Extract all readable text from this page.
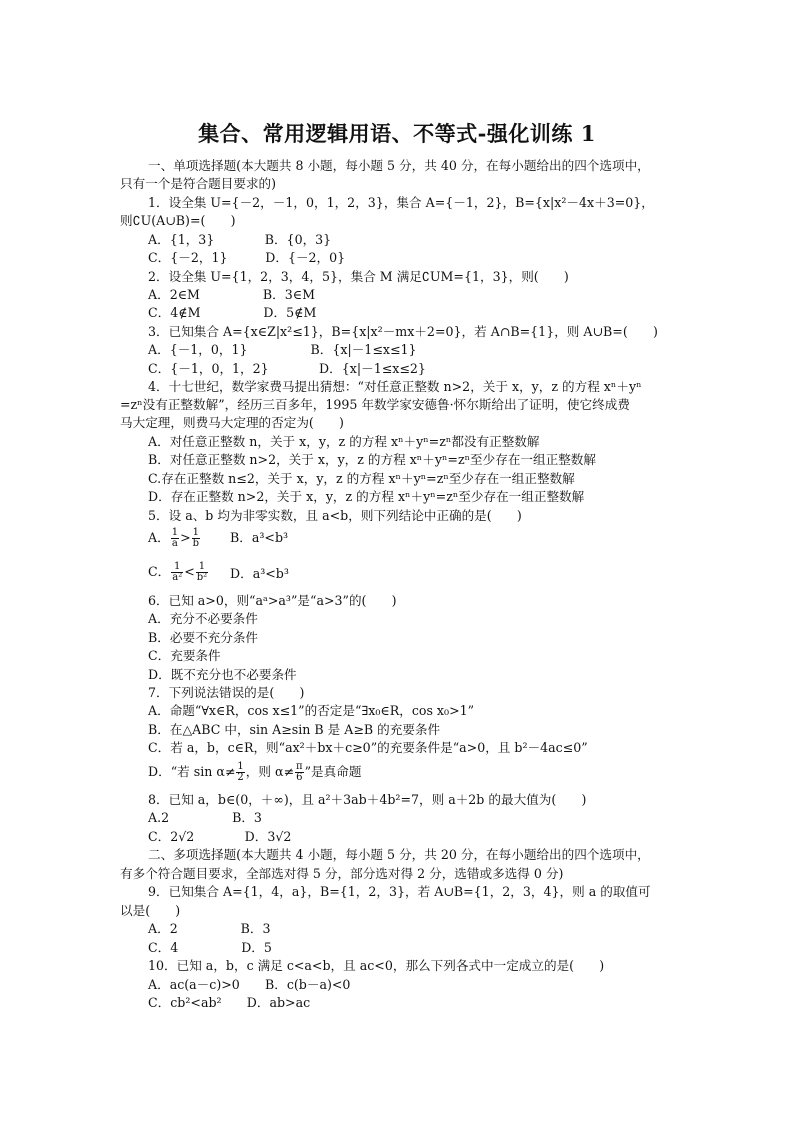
集合、常用逻辑用语、不等式-强化训练 1
一、单项选择题(本大题共 8 小题，每小题 5 分，共 40 分，在每小题给出的四个选项中，
只有一个是符合题目要求的)
1．设全集 U={－2，－1，0，1，2，3}，集合 A={－1，2}，B={x|x²－4x＋3=0}，
则∁U(A∪B)=(　　)
A．{1，3}　　　　B．{0，3}
C．{－2，1}　　　D．{－2，0}
2．设全集 U={1，2，3，4，5}，集合 M 满足∁UM={1，3}，则(　　)
A．2∈M　　　　　B．3∈M
C．4∉M　　　　　D．5∉M
3．已知集合 A={x∈Z|x²≤1}，B={x|x²－mx＋2=0}，若 A∩B={1}，则 A∪B=(　　)
A．{－1，0，1}　　　　　B．{x|－1≤x≤1}
C．{－1，0，1，2}　　　　D．{x|－1≤x≤2}
4．十七世纪，数学家费马提出猜想：“对任意正整数 n>2，关于 x，y，z 的方程 xⁿ＋yⁿ
=zⁿ没有正整数解”，经历三百多年，1995 年数学家安德鲁·怀尔斯给出了证明，使它终成费
马大定理，则费马大定理的否定为(　　)
A．对任意正整数 n，关于 x，y，z 的方程 xⁿ＋yⁿ=zⁿ都没有正整数解
B．对任意正整数 n>2，关于 x，y，z 的方程 xⁿ＋yⁿ=zⁿ至少存在一组正整数解
C.存在正整数 n≤2，关于 x，y，z 的方程 xⁿ＋yⁿ=zⁿ至少存在一组正整数解
D．存在正整数 n>2，关于 x，y，z 的方程 xⁿ＋yⁿ=zⁿ至少存在一组正整数解
5．设 a、b 均为非零实数，且 a<b，则下列结论中正确的是(　　)
A． $\frac{1}{a} > \frac{1}{b}$ B．a³<b³
C． $\frac{1}{\text{a²}} < \frac{1}{\text{b²}}$ D．a³<b³
6．已知 a>0，则“aᵃ>a³”是“a>3”的(　　)
A．充分不必要条件
B．必要不充分条件
C．充要条件
D．既不充分也不必要条件
7．下列说法错误的是(　　)
A．命题“∀x∈R，cos x≤1”的否定是“∃x₀∈R，cos x₀>1”
B．在△ABC 中，sin A≥sin B 是 A≥B 的充要条件
C．若 a，b，c∈R，则“ax²＋bx＋c≥0”的充要条件是“a>0，且 b²－4ac≤0”
D．“若 $\sin \alpha\ne \frac{1}{2}$ ，则 $\alpha\ne \frac{\pi}{6}$ ”是真命题
8．已知 a，b∈(0，＋∞)，且 a²＋3ab＋4b²=7，则 a＋2b 的最大值为(　　)
A.2　　　　　B．3
C．2√2　　　　D．3√2
二、多项选择题(本大题共 4 小题，每小题 5 分，共 20 分，在每小题给出的四个选项中，
有多个符合题目要求，全部选对得 5 分，部分选对得 2 分，选错或多选得 0 分)
9．已知集合 A={1，4，a}，B={1，2，3}，若 A∪B={1，2，3，4}，则 a 的取值可
以是(　　)
A．2　　　　　B．3
C．4　　　　　D．5
10．已知 a，b，c 满足 c<a<b，且 ac<0，那么下列各式中一定成立的是(　　)
A．ac(a－c)>0　　B．c(b－a)<0
C．cb²<ab²　　D．ab>ac
